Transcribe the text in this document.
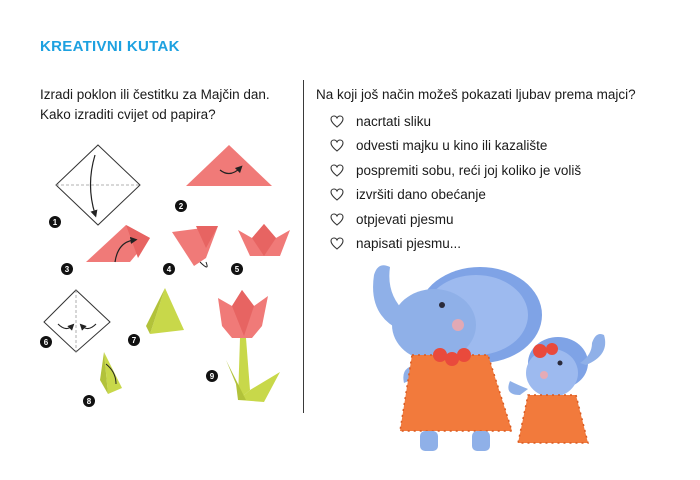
KREATIVNI KUTAK
Izradi poklon ili čestitku za Majčin dan.
Kako izraditi cvijet od papira?
Na koji još način možeš pokazati ljubav prema majci?
nacrtati sliku
odvesti majku u kino ili kazalište
pospremiti sobu, reći joj koliko je voliš
izvršiti dano obećanje
otpjevati pjesmu
napisati pjesmu...
1
2
3	4	5
6	7
8
9
